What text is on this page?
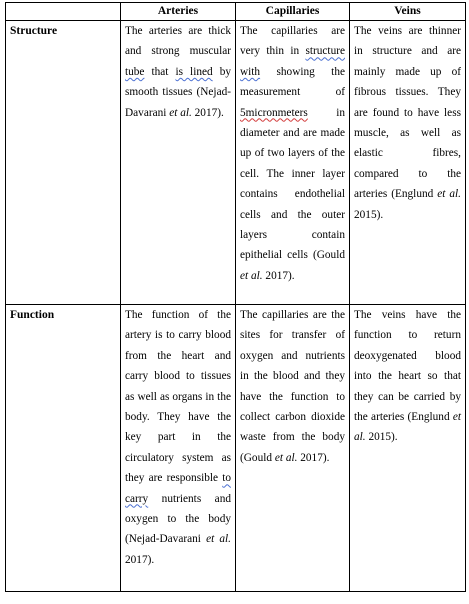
	Arteries	Capillaries	Veins
Structure	The arteries are thick and strong muscular tube that is lined by smooth tissues (Nejad-Davarani et al. 2017).	The capillaries are very thin in structure with showing the measurement of 5micronmeters in diameter and are made up of two layers of the cell. The inner layer contains endothelial cells and the outer layers contain epithelial cells (Gould et al. 2017).	The veins are thinner in structure and are mainly made up of fibrous tissues. They are found to have less muscle, as well as elastic fibres, compared to the arteries (Englund et al. 2015).
Function	The function of the artery is to carry blood from the heart and carry blood to tissues as well as organs in the body. They have the key part in the circulatory system as they are responsible to carry nutrients and oxygen to the body (Nejad-Davarani et al. 2017).	The capillaries are the sites for transfer of oxygen and nutrients in the blood and they have the function to collect carbon dioxide waste from the body (Gould et al. 2017).	The veins have the function to return deoxygenated blood into the heart so that they can be carried by the arteries (Englund et al. 2015).
